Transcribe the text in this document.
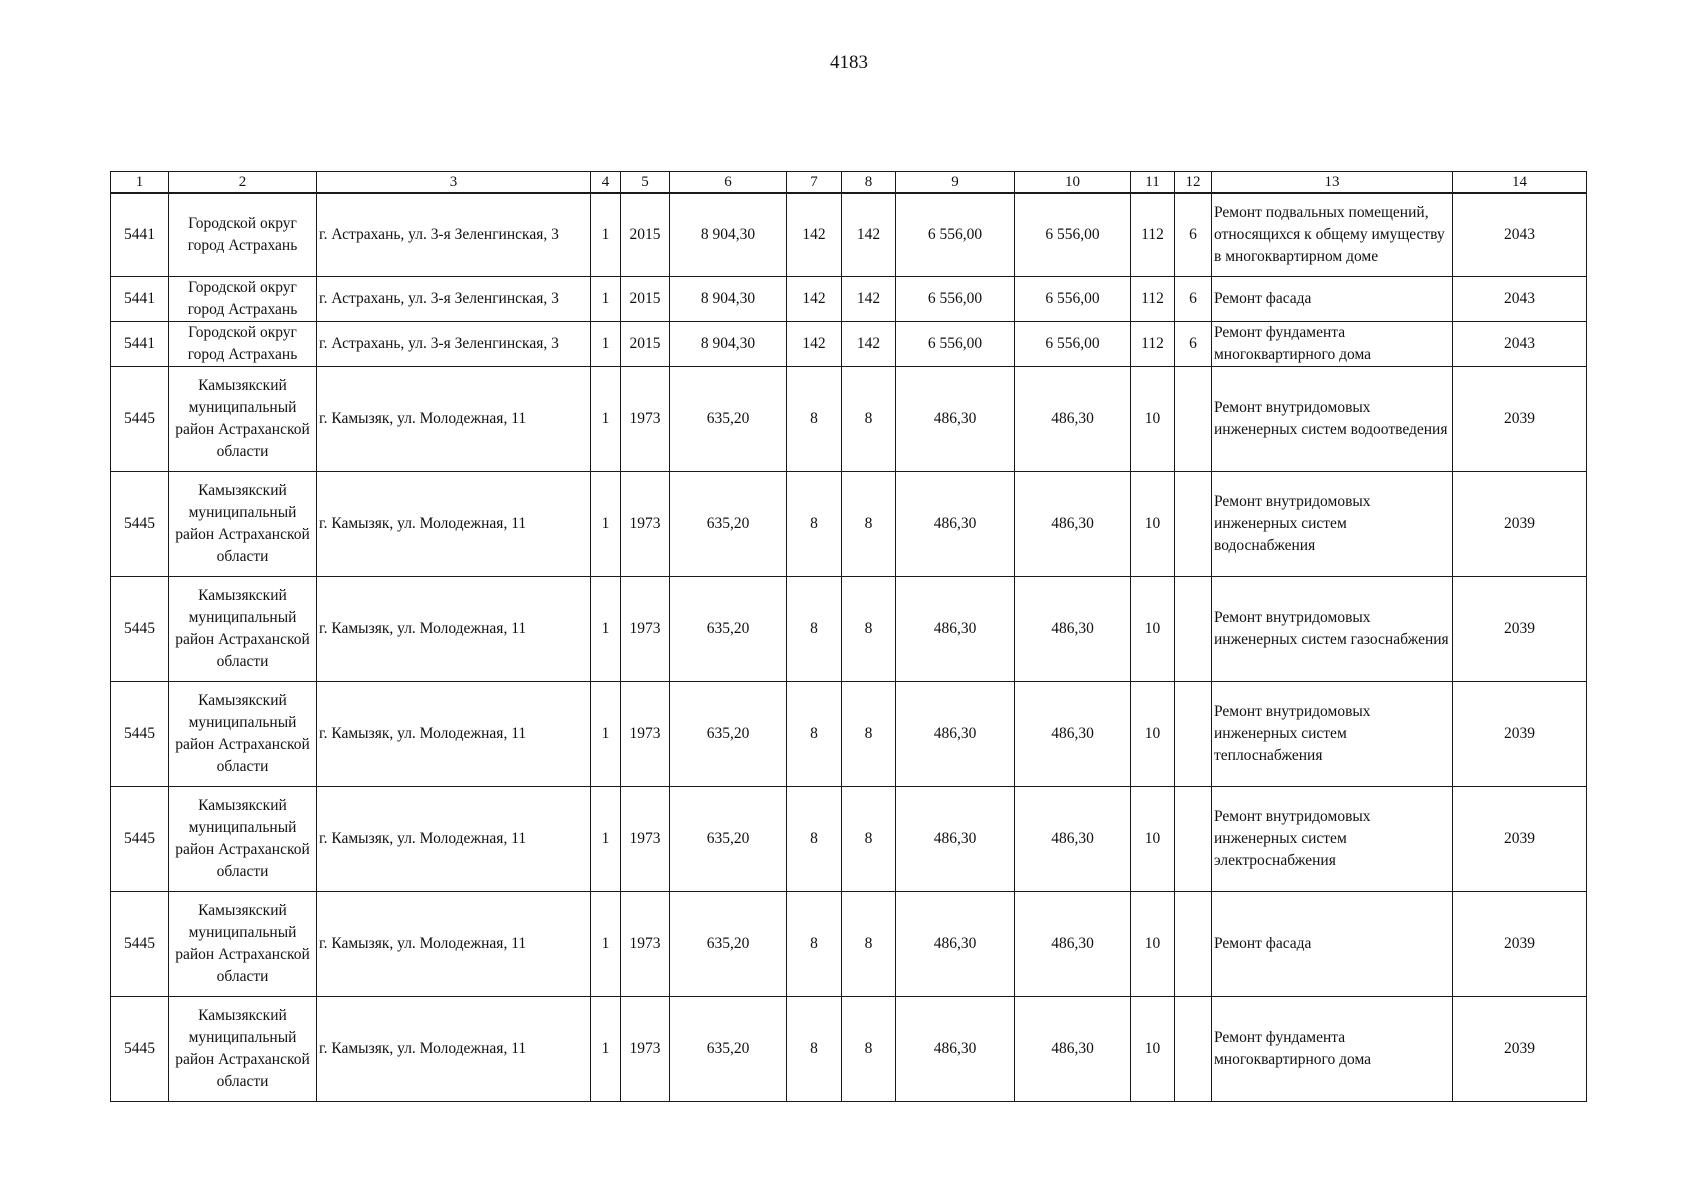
4183
1	2	3	4	5	6	7	8	9	10	11	12	13	14
5441	Городской округ город Астрахань	г. Астрахань, ул. 3-я Зеленгинская, 3	1	2015	8 904,30	142	142	6 556,00	6 556,00	112	6	Ремонт подвальных помещений, относящихся к общему имуществу в многоквартирном доме	2043
5441	Городской округ город Астрахань	г. Астрахань, ул. 3-я Зеленгинская, 3	1	2015	8 904,30	142	142	6 556,00	6 556,00	112	6	Ремонт фасада	2043
5441	Городской округ город Астрахань	г. Астрахань, ул. 3-я Зеленгинская, 3	1	2015	8 904,30	142	142	6 556,00	6 556,00	112	6	Ремонт фундамента многоквартирного дома	2043
5445	Камызякский муниципальный район Астраханской области	г. Камызяк, ул. Молодежная, 11	1	1973	635,20	8	8	486,30	486,30	10		Ремонт внутридомовых инженерных систем водоотведения	2039
5445	Камызякский муниципальный район Астраханской области	г. Камызяк, ул. Молодежная, 11	1	1973	635,20	8	8	486,30	486,30	10		Ремонт внутридомовых инженерных систем водоснабжения	2039
5445	Камызякский муниципальный район Астраханской области	г. Камызяк, ул. Молодежная, 11	1	1973	635,20	8	8	486,30	486,30	10		Ремонт внутридомовых инженерных систем газоснабжения	2039
5445	Камызякский муниципальный район Астраханской области	г. Камызяк, ул. Молодежная, 11	1	1973	635,20	8	8	486,30	486,30	10		Ремонт внутридомовых инженерных систем теплоснабжения	2039
5445	Камызякский муниципальный район Астраханской области	г. Камызяк, ул. Молодежная, 11	1	1973	635,20	8	8	486,30	486,30	10		Ремонт внутридомовых инженерных систем электроснабжения	2039
5445	Камызякский муниципальный район Астраханской области	г. Камызяк, ул. Молодежная, 11	1	1973	635,20	8	8	486,30	486,30	10		Ремонт фасада	2039
5445	Камызякский муниципальный район Астраханской области	г. Камызяк, ул. Молодежная, 11	1	1973	635,20	8	8	486,30	486,30	10		Ремонт фундамента многоквартирного дома	2039
